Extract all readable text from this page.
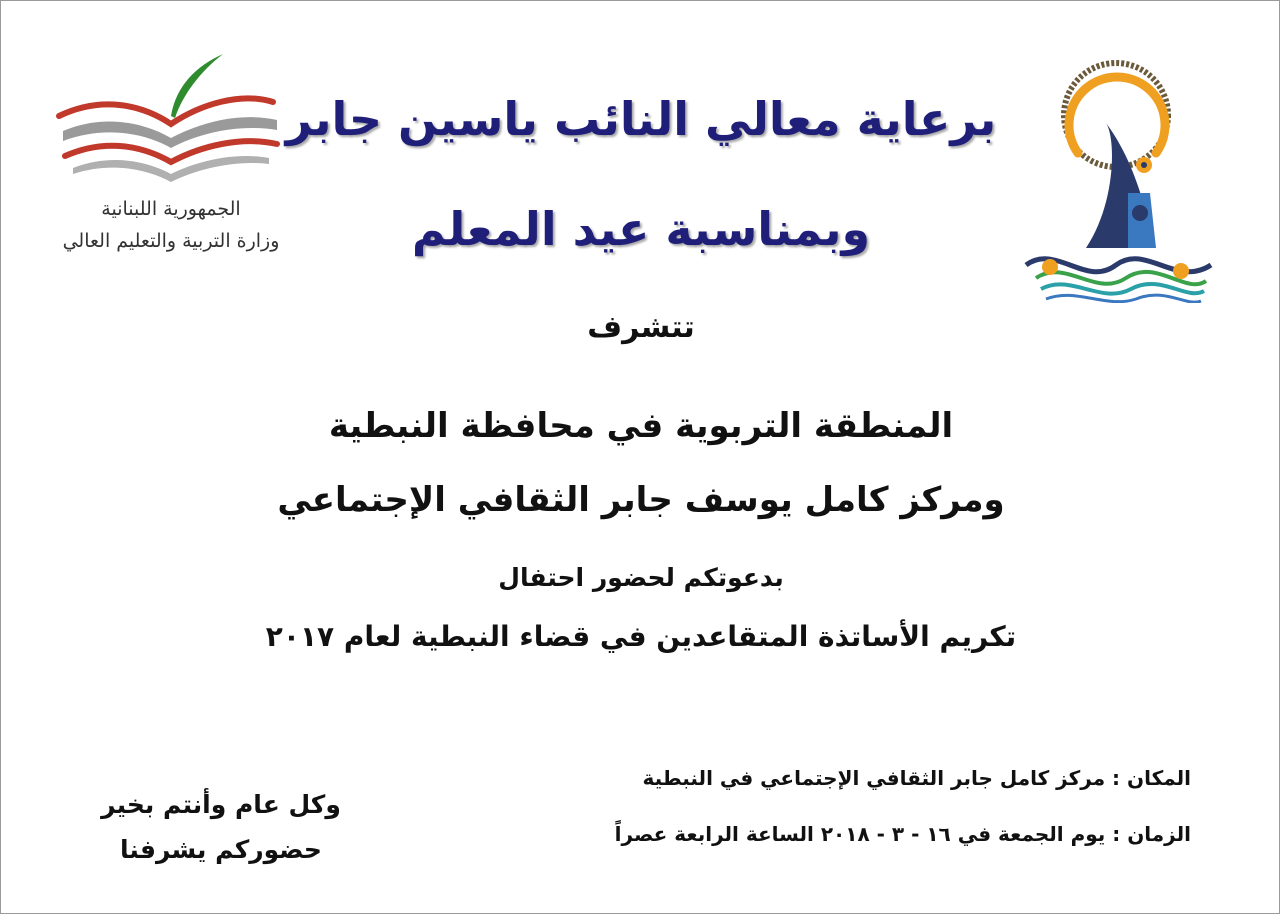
الجمهورية اللبنانية
وزارة التربية والتعليم العالي
برعاية معالي النائب ياسين جابر
وبمناسبة عيد المعلم
تتشرف
المنطقة التربوية في محافظة النبطية
ومركز كامل يوسف جابر الثقافي الإجتماعي
بدعوتكم لحضور احتفال
تكريم الأساتذة المتقاعدين في قضاء النبطية لعام ٢٠١٧
المكان : مركز كامل جابر الثقافي الإجتماعي في النبطية
الزمان : يوم الجمعة في ١٦ - ٣ - ٢٠١٨ الساعة الرابعة عصراً
وكل عام وأنتم بخير
حضوركم يشرفنا
